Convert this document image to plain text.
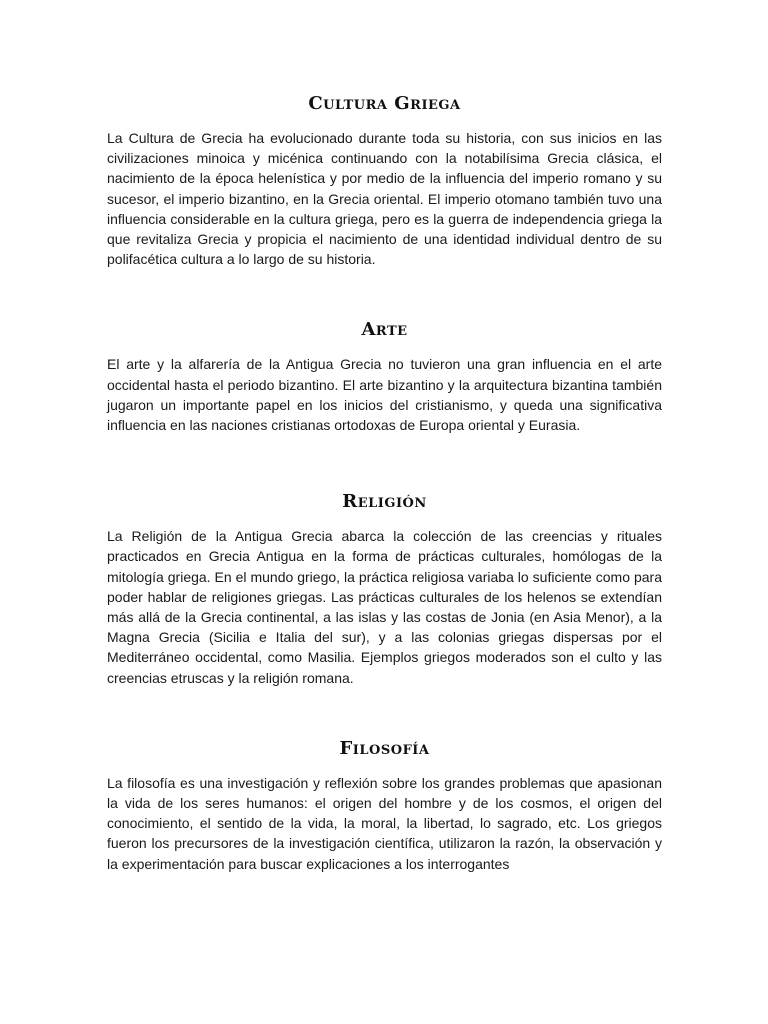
Cultura Griega

La Cultura de Grecia ha evolucionado durante toda su historia, con sus inicios en las civilizaciones minoica y micénica continuando con la notabilísima Grecia clásica, el nacimiento de la época helenística y por medio de la influencia del imperio romano y su sucesor, el imperio bizantino, en la Grecia oriental. El imperio otomano también tuvo una influencia considerable en la cultura griega, pero es la guerra de independencia griega la que revitaliza Grecia y propicia el nacimiento de una identidad individual dentro de su polifacética cultura a lo largo de su historia.

Arte

El arte y la alfarería de la Antigua Grecia no tuvieron una gran influencia en el arte occidental hasta el periodo bizantino. El arte bizantino y la arquitectura bizantina también jugaron un importante papel en los inicios del cristianismo, y queda una significativa influencia en las naciones cristianas ortodoxas de Europa oriental y Eurasia.

Religión

La Religión de la Antigua Grecia abarca la colección de las creencias y rituales practicados en Grecia Antigua en la forma de prácticas culturales, homólogas de la mitología griega. En el mundo griego, la práctica religiosa variaba lo suficiente como para poder hablar de religiones griegas. Las prácticas culturales de los helenos se extendían más allá de la Grecia continental, a las islas y las costas de Jonia (en Asia Menor), a la Magna Grecia (Sicilia e Italia del sur), y a las colonias griegas dispersas por el Mediterráneo occidental, como Masilia. Ejemplos griegos moderados son el culto y las creencias etruscas y la religión romana.

Filosofía

La filosofía es una investigación y reflexión sobre los grandes problemas que apasionan la vida de los seres humanos: el origen del hombre y de los cosmos, el origen del conocimiento, el sentido de la vida, la moral, la libertad, lo sagrado, etc. Los griegos fueron los precursores de la investigación científica, utilizaron la razón, la observación y la experimentación para buscar explicaciones a los interrogantes
